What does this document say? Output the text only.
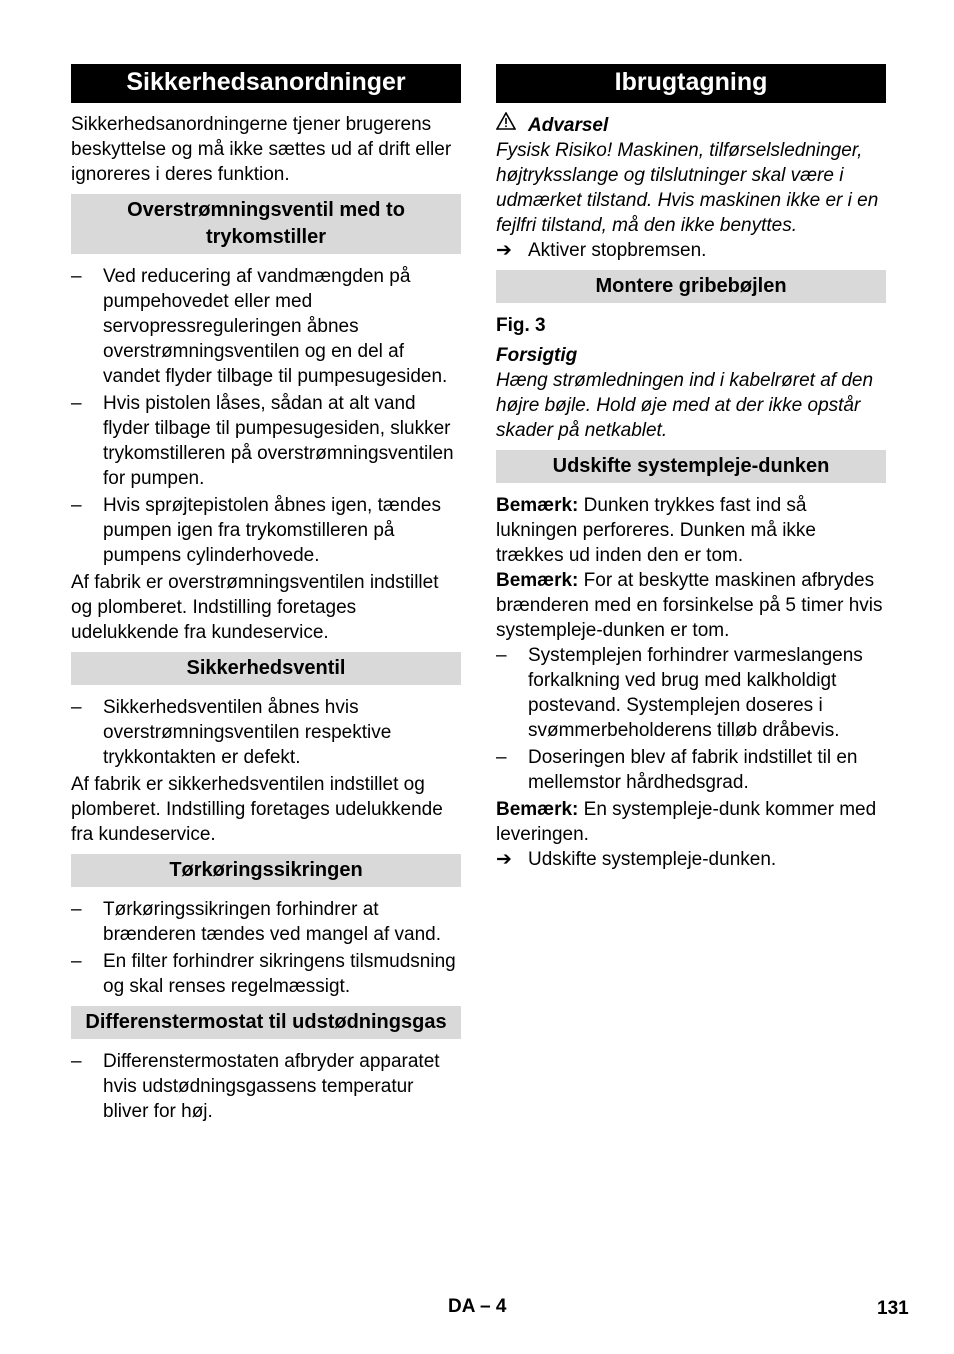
Sikkerhedsanordninger

Sikkerhedsanordningerne tjener brugerens beskyttelse og må ikke sættes ud af drift eller ignoreres i deres funktion.

Overstrømningsventil med to trykomstiller
– Ved reducering af vandmængden på pumpehovedet eller med servopressreguleringen åbnes overstrømningsventilen og en del af vandet flyder tilbage til pumpesugesiden.
– Hvis pistolen låses, sådan at alt vand flyder tilbage til pumpesugesiden, slukker trykomstilleren på overstrømningsventilen for pumpen.
– Hvis sprøjtepistolen åbnes igen, tændes pumpen igen fra trykomstilleren på pumpens cylinderhovede.

Af fabrik er overstrømningsventilen indstillet og plomberet. Indstilling foretages udelukkende fra kundeservice.

Sikkerhedsventil
– Sikkerhedsventilen åbnes hvis overstrømningsventilen respektive trykkontakten er defekt.

Af fabrik er sikkerhedsventilen indstillet og plomberet. Indstilling foretages udelukkende fra kundeservice.

Tørkøringssikringen
– Tørkøringssikringen forhindrer at brænderen tændes ved mangel af vand.
– En filter forhindrer sikringens tilsmudsning og skal renses regelmæssigt.
Differenstermostat til udstødningsgas
– Differenstermostaten afbryder apparatet hvis udstødningsgassens temperatur bliver for høj.
Ibrugtagning
Advarsel

Fysisk Risiko! Maskinen, tilførselsledninger, højtryksslange og tilslutninger skal være i udmærket tilstand. Hvis maskinen ikke er i en fejlfri tilstand, må den ikke benyttes.

➔ Aktiver stopbremsen.
Montere gribebøjlen

Fig. 3

Forsigtig

Hæng strømledningen ind i kabelrøret af den højre bøjle. Hold øje med at der ikke opstår skader på netkablet.

Udskifte systempleje-dunken

Bemærk: Dunken trykkes fast ind så lukningen perforeres. Dunken må ikke trækkes ud inden den er tom.

Bemærk: For at beskytte maskinen afbrydes brænderen med en forsinkelse på 5 timer hvis systempleje-dunken er tom.

– Systemplejen forhindrer varmeslangens forkalkning ved brug med kalkholdigt postevand. Systemplejen doseres i svømmerbeholderens tilløb dråbevis.
– Doseringen blev af fabrik indstillet til en mellemstor hårdhedsgrad.

Bemærk: En systempleje-dunk kommer med leveringen.

➔ Udskifte systempleje-dunken.
DA – 4	131
